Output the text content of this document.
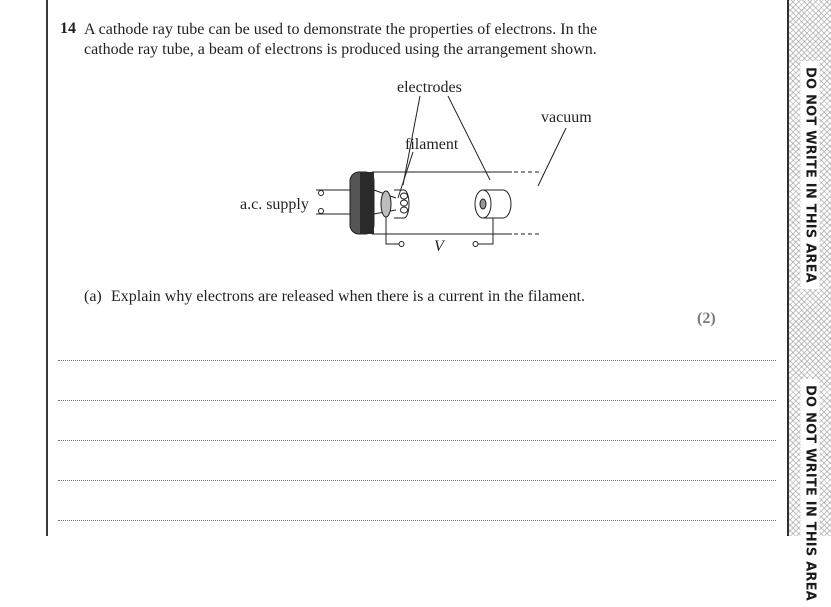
14 A cathode ray tube can be used to demonstrate the properties of electrons. In the

cathode ray tube, a beam of electrons is produced using the arrangement shown.

electrodes
vacuum
filament
a.c. supply
V
(a) Explain why electrons are released when there is a current in the filament.
(2)
DO NOT WRITE IN THIS AREA
DO NOT WRITE IN THIS AREA
